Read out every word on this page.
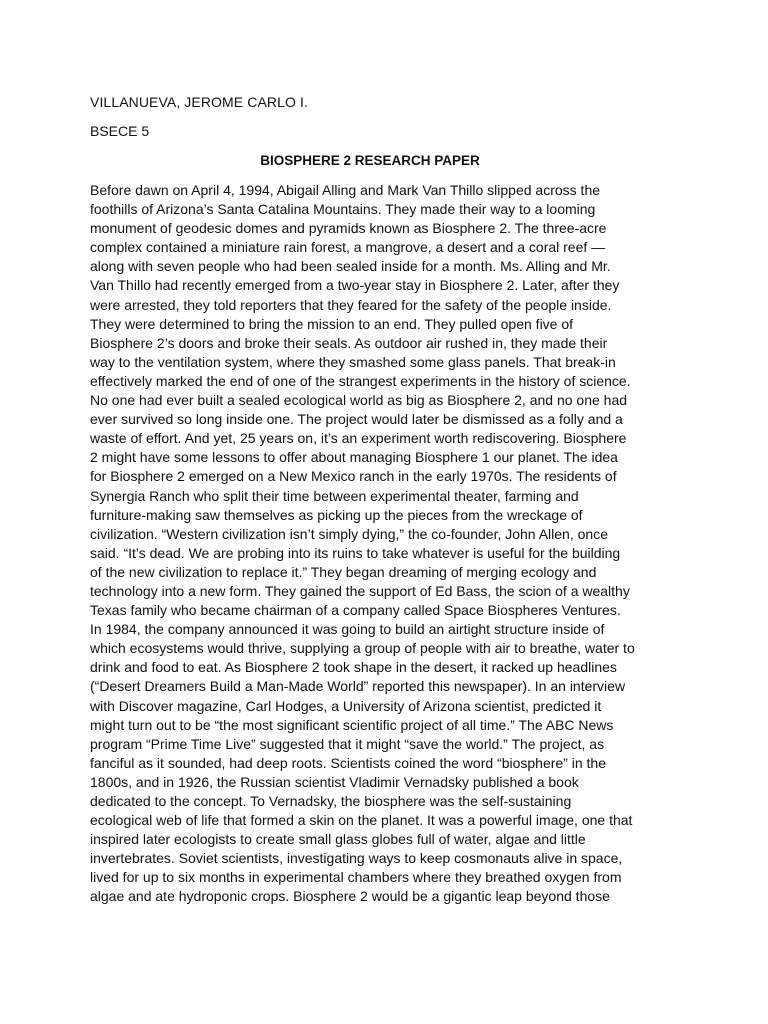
VILLANUEVA, JEROME CARLO I.
BSECE 5
BIOSPHERE 2 RESEARCH PAPER
Before dawn on April 4, 1994, Abigail Alling and Mark Van Thillo slipped across the
foothills of Arizona’s Santa Catalina Mountains. They made their way to a looming
monument of geodesic domes and pyramids known as Biosphere 2. The three-acre
complex contained a miniature rain forest, a mangrove, a desert and a coral reef —
along with seven people who had been sealed inside for a month. Ms. Alling and Mr.
Van Thillo had recently emerged from a two-year stay in Biosphere 2. Later, after they
were arrested, they told reporters that they feared for the safety of the people inside.
They were determined to bring the mission to an end. They pulled open five of
Biosphere 2’s doors and broke their seals. As outdoor air rushed in, they made their
way to the ventilation system, where they smashed some glass panels. That break-in
effectively marked the end of one of the strangest experiments in the history of science.
No one had ever built a sealed ecological world as big as Biosphere 2, and no one had
ever survived so long inside one. The project would later be dismissed as a folly and a
waste of effort. And yet, 25 years on, it’s an experiment worth rediscovering. Biosphere
2 might have some lessons to offer about managing Biosphere 1 our planet. The idea
for Biosphere 2 emerged on a New Mexico ranch in the early 1970s. The residents of
Synergia Ranch who split their time between experimental theater, farming and
furniture-making saw themselves as picking up the pieces from the wreckage of
civilization. “Western civilization isn’t simply dying,” the co-founder, John Allen, once
said. “It’s dead. We are probing into its ruins to take whatever is useful for the building
of the new civilization to replace it.” They began dreaming of merging ecology and
technology into a new form. They gained the support of Ed Bass, the scion of a wealthy
Texas family who became chairman of a company called Space Biospheres Ventures.
In 1984, the company announced it was going to build an airtight structure inside of
which ecosystems would thrive, supplying a group of people with air to breathe, water to
drink and food to eat. As Biosphere 2 took shape in the desert, it racked up headlines
(“Desert Dreamers Build a Man-Made World” reported this newspaper). In an interview
with Discover magazine, Carl Hodges, a University of Arizona scientist, predicted it
might turn out to be “the most significant scientific project of all time.” The ABC News
program “Prime Time Live” suggested that it might “save the world.” The project, as
fanciful as it sounded, had deep roots. Scientists coined the word “biosphere” in the
1800s, and in 1926, the Russian scientist Vladimir Vernadsky published a book
dedicated to the concept. To Vernadsky, the biosphere was the self-sustaining
ecological web of life that formed a skin on the planet. It was a powerful image, one that
inspired later ecologists to create small glass globes full of water, algae and little
invertebrates. Soviet scientists, investigating ways to keep cosmonauts alive in space,
lived for up to six months in experimental chambers where they breathed oxygen from
algae and ate hydroponic crops. Biosphere 2 would be a gigantic leap beyond those
